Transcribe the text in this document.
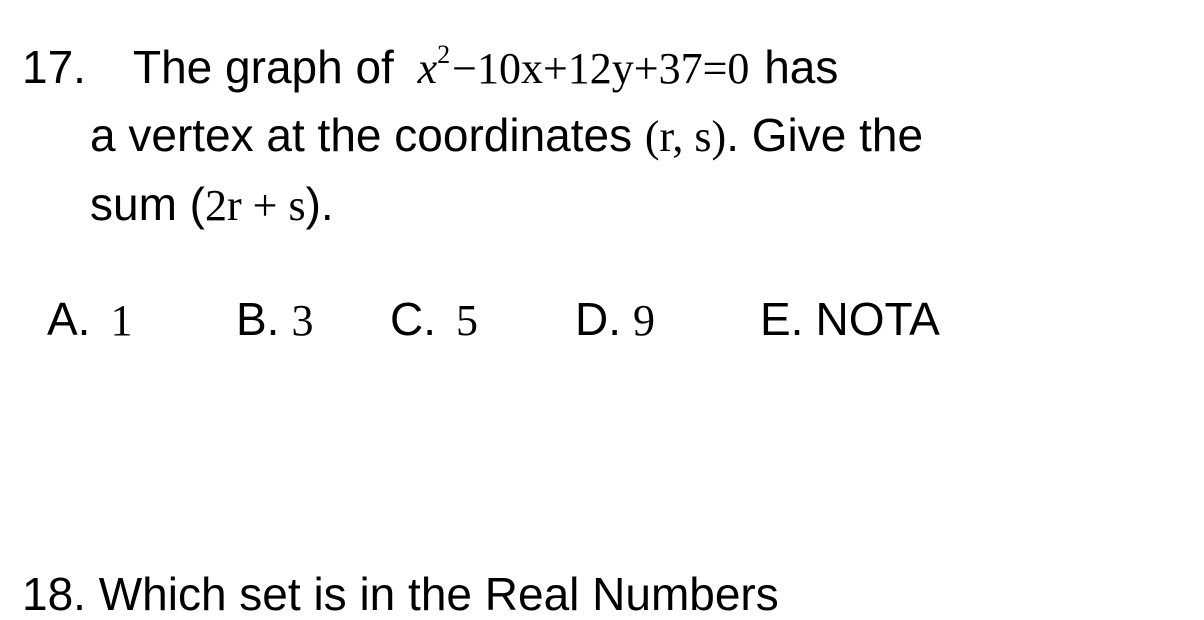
17. The graph of $x^2-10x+12y+37=0$ has
a vertex at the coordinates (r, s). Give the
sum (2r + s).
A. 1 B. 3 C. 5 D. 9 E. NOTA
18. Which set is in the Real Numbers
